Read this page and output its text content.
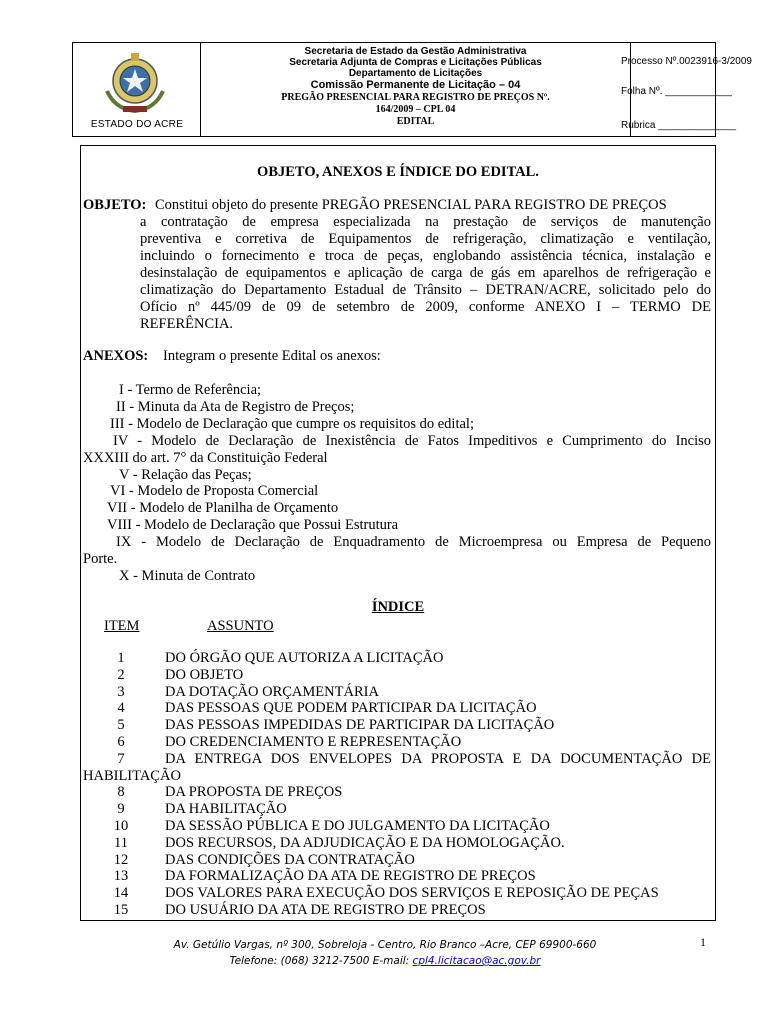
ESTADO DO ACRE
Secretaria de Estado da Gestão Administrativa
Secretaria Adjunta de Compras e Licitações Públicas
Departamento de Licitações
Comissão Permanente de Licitação – 04
PREGÃO PRESENCIAL PARA REGISTRO DE PREÇOS Nº.
164/2009 – CPL 04
EDITAL
Processo Nº.0023916-3/2009
Folha Nº. ____________
Rubrica ______________
OBJETO, ANEXOS E ÍNDICE DO EDITAL.
OBJETO: Constitui objeto do presente PREGÃO PRESENCIAL PARA REGISTRO DE PREÇOS
a contratação de empresa especializada na prestação de serviços de manutenção
preventiva e corretiva de Equipamentos de refrigeração, climatização e ventilação,
incluindo o fornecimento e troca de peças, englobando assistência técnica, instalação e
desinstalação de equipamentos e aplicação de carga de gás em aparelhos de refrigeração e
climatização do Departamento Estadual de Trânsito – DETRAN/ACRE, solicitado pelo do
Ofício nº 445/09 de 09 de setembro de 2009, conforme ANEXO I – TERMO DE
REFERÊNCIA.
ANEXOS: Integram o presente Edital os anexos:
I - Termo de Referência;
II - Minuta da Ata de Registro de Preços;
III - Modelo de Declaração que cumpre os requisitos do edital;
IV - Modelo de Declaração de Inexistência de Fatos Impeditivos e Cumprimento do Inciso
XXXIII do art. 7° da Constituição Federal
V - Relação das Peças;
VI - Modelo de Proposta Comercial
VII - Modelo de Planilha de Orçamento
VIII - Modelo de Declaração que Possui Estrutura
IX - Modelo de Declaração de Enquadramento de Microempresa ou Empresa de Pequeno
Porte.
X - Minuta de Contrato
ÍNDICE
ITEM	ASSUNTO
1	DO ÓRGÃO QUE AUTORIZA A LICITAÇÃO
2	DO OBJETO
3	DA DOTAÇÃO ORÇAMENTÁRIA
4	DAS PESSOAS QUE PODEM PARTICIPAR DA LICITAÇÃO
5	DAS PESSOAS IMPEDIDAS DE PARTICIPAR DA LICITAÇÃO
6	DO CREDENCIAMENTO E REPRESENTAÇÃO
7	DA ENTREGA DOS ENVELOPES DA PROPOSTA E DA DOCUMENTAÇÃO DE
HABILITAÇÃO
8	DA PROPOSTA DE PREÇOS
9	DA HABILITAÇÃO
10	DA SESSÃO PÚBLICA E DO JULGAMENTO DA LICITAÇÃO
11	DOS RECURSOS, DA ADJUDICAÇÃO E DA HOMOLOGAÇÃO.
12	DAS CONDIÇÕES DA CONTRATAÇÃO
13	DA FORMALIZAÇÃO DA ATA DE REGISTRO DE PREÇOS
14	DOS VALORES PARA EXECUÇÃO DOS SERVIÇOS E REPOSIÇÃO DE PEÇAS
15	DO USUÁRIO DA ATA DE REGISTRO DE PREÇOS
Av. Getúlio Vargas, nº 300, Sobreloja - Centro, Rio Branco –Acre, CEP 69900-660
Telefone: (068) 3212-7500 E-mail: cpl4.licitacao@ac.gov.br
1
